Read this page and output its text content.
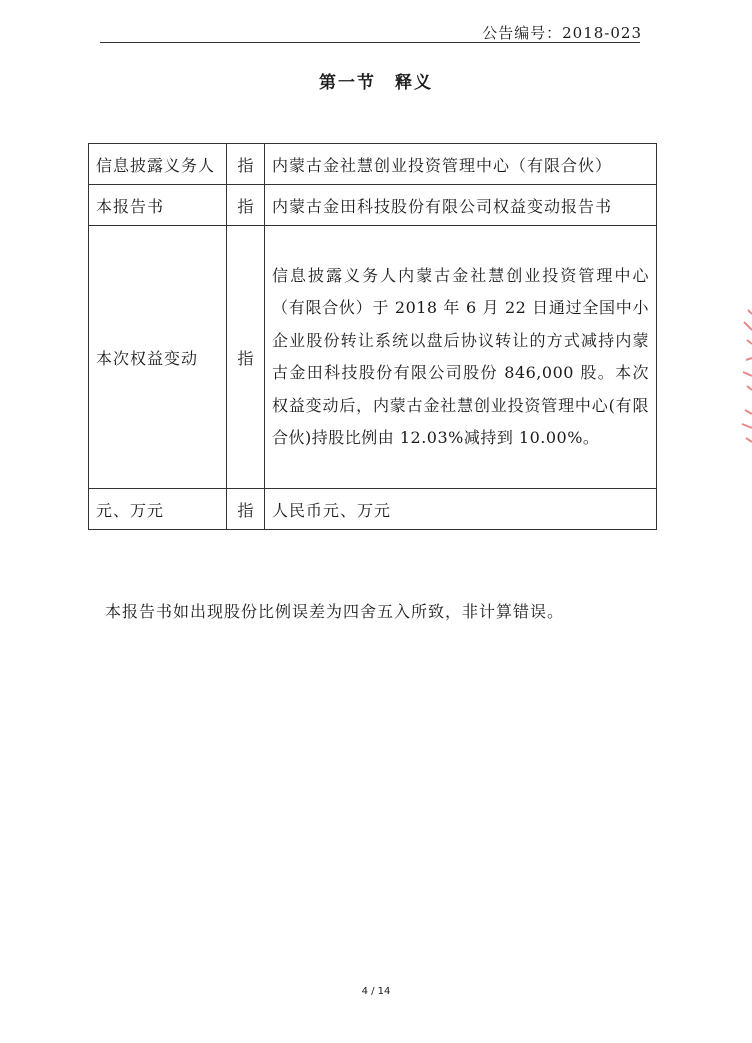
公告编号：2018-023
第一节　释义
信息披露义务人	指	内蒙古金社慧创业投资管理中心（有限合伙）
本报告书	指	内蒙古金田科技股份有限公司权益变动报告书
本次权益变动	指	信息披露义务人内蒙古金社慧创业投资管理中心（有限合伙）于 2018 年 6 月 22 日通过全国中小企业股份转让系统以盘后协议转让的方式减持内蒙古金田科技股份有限公司股份 846,000 股。本次权益变动后，内蒙古金社慧创业投资管理中心(有限合伙)持股比例由 12.03%减持到 10.00%。
元、万元	指	人民币元、万元
本报告书如出现股份比例误差为四舍五入所致，非计算错误。
4 / 14
